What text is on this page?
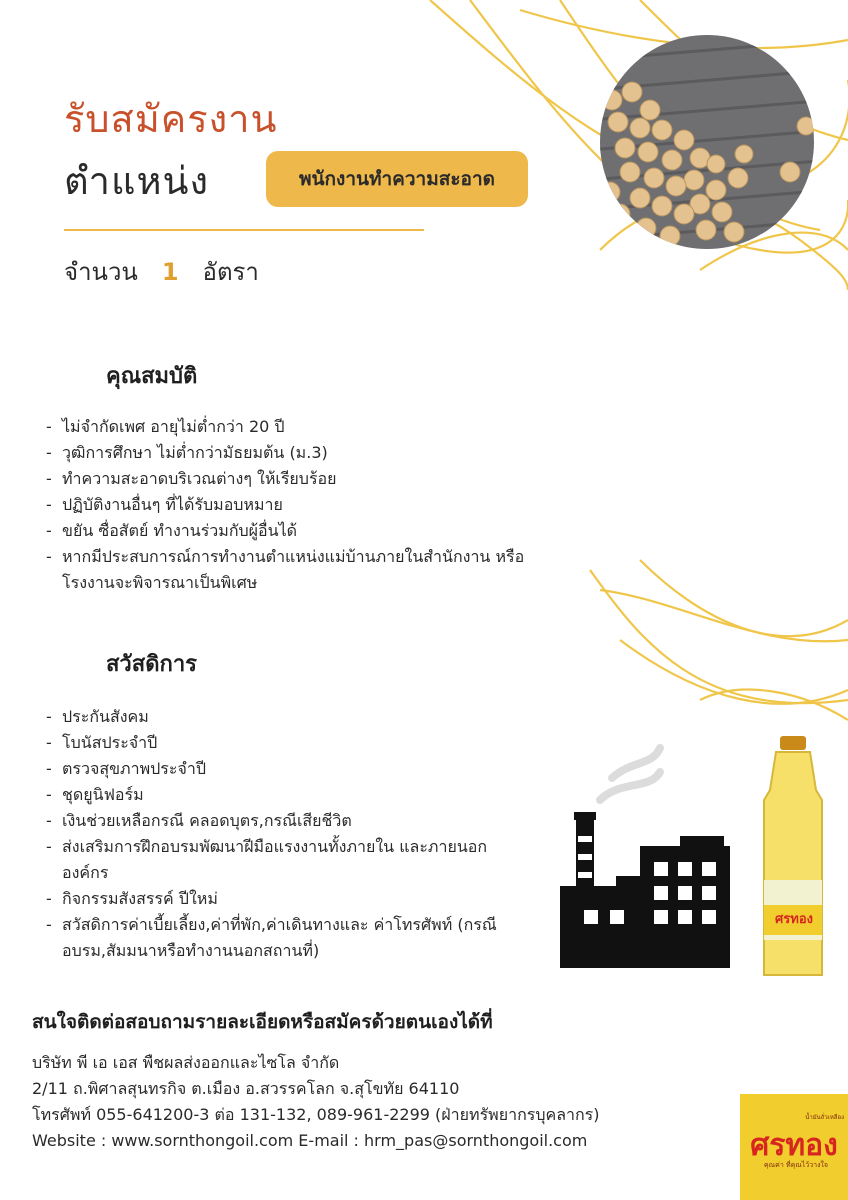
รับสมัครงาน
ตำแหน่ง	พนักงานทำความสะอาด
จำนวน 1 อัตรา
คุณสมบัติ
- ไม่จำกัดเพศ อายุไม่ต่ำกว่า 20 ปี
- วุฒิการศึกษา ไม่ต่ำกว่ามัธยมต้น (ม.3)
- ทำความสะอาดบริเวณต่างๆ ให้เรียบร้อย
- ปฏิบัติงานอื่นๆ ที่ได้รับมอบหมาย
- ขยัน ซื่อสัตย์ ทำงานร่วมกับผู้อื่นได้
- หากมีประสบการณ์การทำงานตำแหน่งแม่บ้านภายในสำนักงาน หรือโรงงานจะพิจารณาเป็นพิเศษ
สวัสดิการ
- ประกันสังคม
- โบนัสประจำปี
- ตรวจสุขภาพประจำปี
- ชุดยูนิฟอร์ม
- เงินช่วยเหลือกรณี คลอดบุตร,กรณีเสียชีวิต
- ส่งเสริมการฝึกอบรมพัฒนาฝีมือแรงงานทั้งภายใน และภายนอกองค์กร
- กิจกรรมสังสรรค์ ปีใหม่
- สวัสดิการค่าเบี้ยเลี้ยง,ค่าที่พัก,ค่าเดินทางและ ค่าโทรศัพท์ (กรณีอบรม,สัมมนาหรือทำงานนอกสถานที่)
ศรทอง
สนใจติดต่อสอบถามรายละเอียดหรือสมัครด้วยตนเองได้ที่
บริษัท พี เอ เอส พืชผลส่งออกและไซโล จำกัด
2/11 ถ.พิศาลสุนทรกิจ ต.เมือง อ.สวรรคโลก จ.สุโขทัย 64110
โทรศัพท์ 055-641200-3 ต่อ 131-132, 089-961-2299 (ฝ่ายทรัพยากรบุคลากร)
Website : www.sornthongoil.com E-mail : hrm_pas@sornthongoil.com
น้ำมันถั่วเหลือง
ศรทอง
คุณค่า ที่คุณไว้วางใจ
